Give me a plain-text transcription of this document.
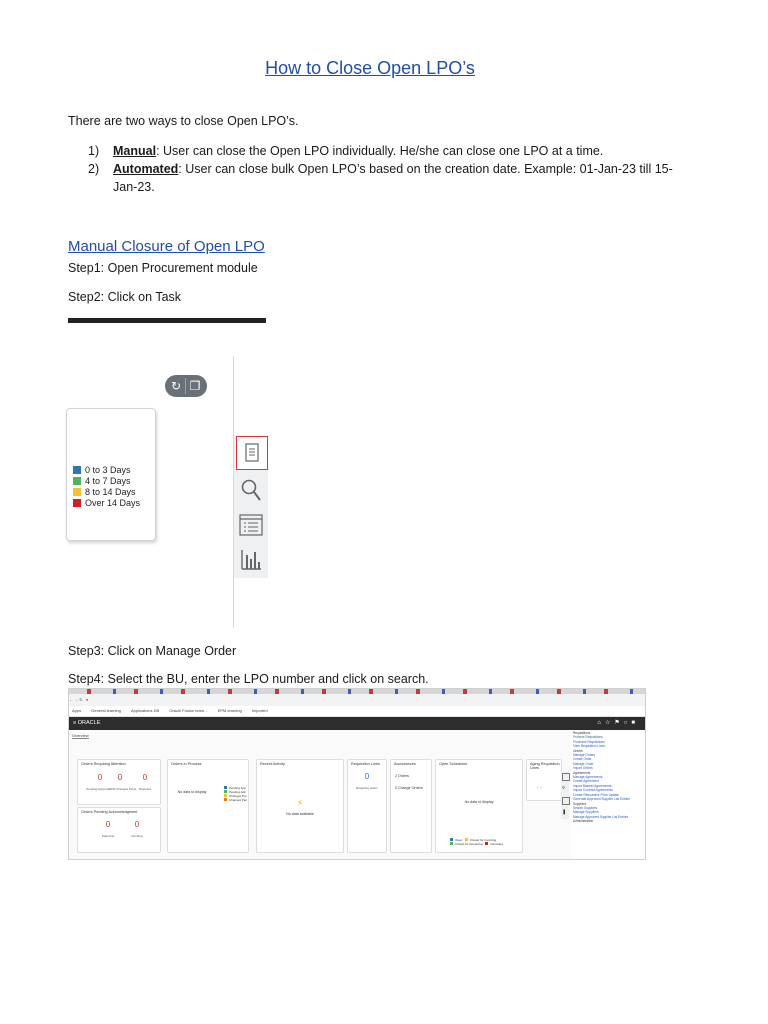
How to Close Open LPO’s
There are two ways to close Open LPO’s.
1) Manual: User can close the Open LPO individually. He/she can close one LPO at a time.
2) Automated: User can close bulk Open LPO’s based on the creation date. Example: 01-Jan-23 till 15-Jan-23.
Manual Closure of Open LPO
Step1: Open Procurement module
Step2: Click on Task
↻ ❐
0 to 3 Days
4 to 7 Days
8 to 14 Days
Over 14 Days
Step3: Click on Manage Order
Step4: Select the BU, enter the LPO number and click on search.
← → ↻   ●
Apps	General learning	Applications DB	Oracle Fusion learn...	EPM learning	Imported
≡ ORACLE	⌂☆⚑○■
Overview
Orders Requiring Attention
0	0	0
Pending Approval With Changes Pend. Rejected
Orders Pending Acknowledgment
0	0
Past Due	Pending
Orders in Process
No data to display
Pending App
Pending Ack
Changes Pro
Changes Pen
Recent Activity
⚡
No data available
Requisition Lines
0
Requiring action
Acceptances
2 Orders
0 Change Orders
Open Schedules
No data to display
Open	Closed for Invoicing
Closed for Receiving	Canceled
Aging Requisition Lines
‹   ›	⚲
▐
Requisitions
Process Requisitions
Purchase Requisitions
View Requisition Lines
Orders
Manage Orders
Create Order
Manage Order
Import Orders
Agreements
Manage Agreements
Create Agreement
Import Blanket Agreements
Import Contract Agreements
Create Retroactive Price Update
Generate Approved Supplier List Entries
Suppliers
Search Suppliers
Manage Suppliers
Manage Approved Supplier List Entries
Administration
